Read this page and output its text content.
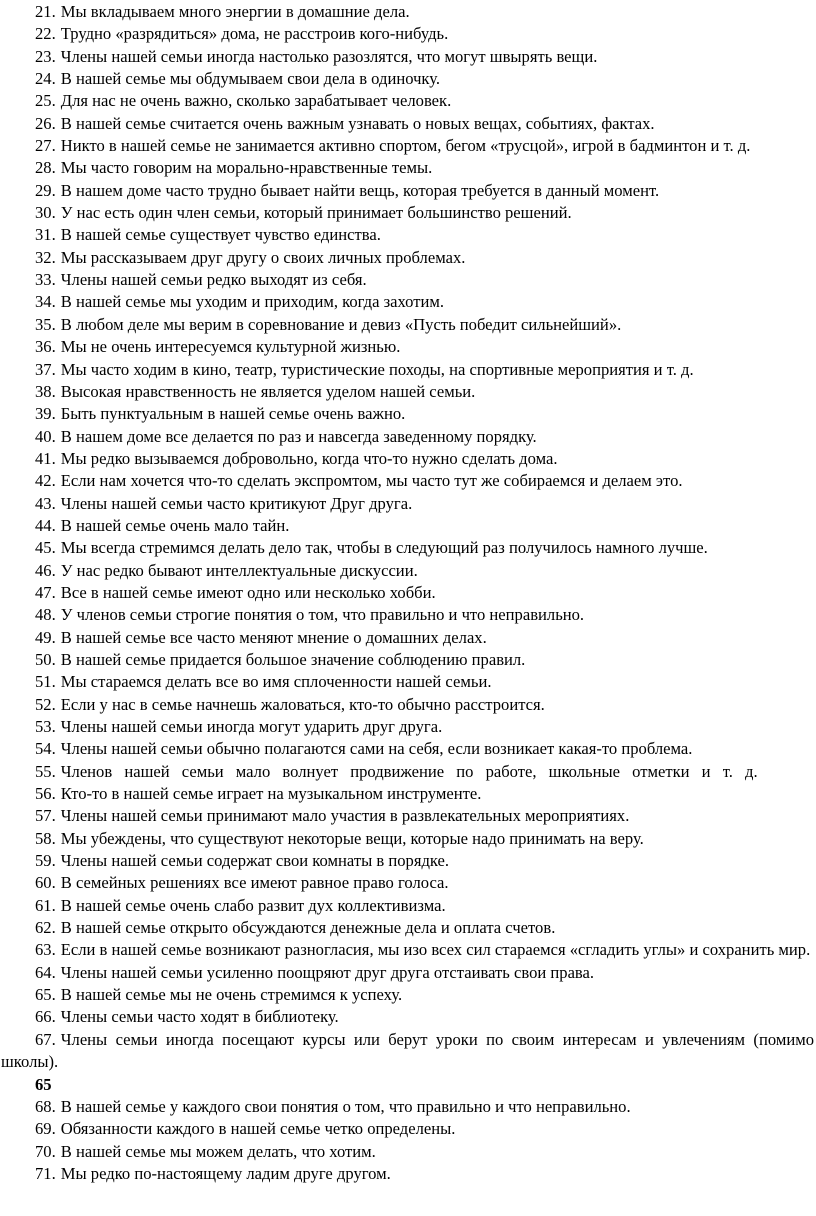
21. Мы вкладываем много энергии в домашние дела.
22. Трудно «разрядиться» дома, не расстроив кого-нибудь.
23. Члены нашей семьи иногда настолько разозлятся, что могут швырять вещи.
24. В нашей семье мы обдумываем свои дела в одиночку.
25. Для нас не очень важно, сколько зарабатывает человек.
26. В нашей семье считается очень важным узнавать о новых вещах, событиях, фактах.
27. Никто в нашей семье не занимается активно спортом, бегом «трусцой», игрой в бадминтон и т. д.
28. Мы часто говорим на морально-нравственные темы.
29. В нашем доме часто трудно бывает найти вещь, которая требуется в данный момент.
30. У нас есть один член семьи, который принимает большинство решений.
31. В нашей семье существует чувство единства.
32. Мы рассказываем друг другу о своих личных проблемах.
33. Члены нашей семьи редко выходят из себя.
34. В нашей семье мы уходим и приходим, когда захотим.
35. В любом деле мы верим в соревнование и девиз «Пусть победит сильнейший».
36. Мы не очень интересуемся культурной жизнью.
37. Мы часто ходим в кино, театр, туристические походы, на спортивные мероприятия и т. д.
38. Высокая нравственность не является уделом нашей семьи.
39. Быть пунктуальным в нашей семье очень важно.
40. В нашем доме все делается по раз и навсегда заведенному порядку.
41. Мы редко вызываемся добровольно, когда что-то нужно сделать дома.
42. Если нам хочется что-то сделать экспромтом, мы часто тут же собираемся и делаем это.
43. Члены нашей семьи часто критикуют Друг друга.
44. В нашей семье очень мало тайн.
45. Мы всегда стремимся делать дело так, чтобы в следующий раз получилось намного лучше.
46. У нас редко бывают интеллектуальные дискуссии.
47. Все в нашей семье имеют одно или несколько хобби.
48. У членов семьи строгие понятия о том, что правильно и что неправильно.
49. В нашей семье все часто меняют мнение о домашних делах.
50. В нашей семье придается большое значение соблюдению правил.
51. Мы стараемся делать все во имя сплоченности нашей семьи.
52. Если у нас в семье начнешь жаловаться, кто-то обычно расстроится.
53. Члены нашей семьи иногда могут ударить друг друга.
54. Члены нашей семьи обычно полагаются сами на себя, если возникает какая-то проблема.
55. Членов нашей семьи мало волнует продвижение по работе, школьные отметки и т. д.
56. Кто-то в нашей семье играет на музыкальном инструменте.
57. Члены нашей семьи принимают мало участия в развлекательных мероприятиях.
58. Мы убеждены, что существуют некоторые вещи, которые надо принимать на веру.
59. Члены нашей семьи содержат свои комнаты в порядке.
60. В семейных решениях все имеют равное право голоса.
61. В нашей семье очень слабо развит дух коллективизма.
62. В нашей семье открыто обсуждаются денежные дела и оплата счетов.
63. Если в нашей семье возникают разногласия, мы изо всех сил стараемся «сгладить углы» и сохранить мир.
64. Члены нашей семьи усиленно поощряют друг друга отстаивать свои права.
65. В нашей семье мы не очень стремимся к успеху.
66. Члены семьи часто ходят в библиотеку.
67. Члены семьи иногда посещают курсы или берут уроки по своим интересам и увлечениям (помимо школы).
65
68. В нашей семье у каждого свои понятия о том, что правильно и что неправильно.
69. Обязанности каждого в нашей семье четко определены.
70. В нашей семье мы можем делать, что хотим.
71. Мы редко по-настоящему ладим друге другом.
